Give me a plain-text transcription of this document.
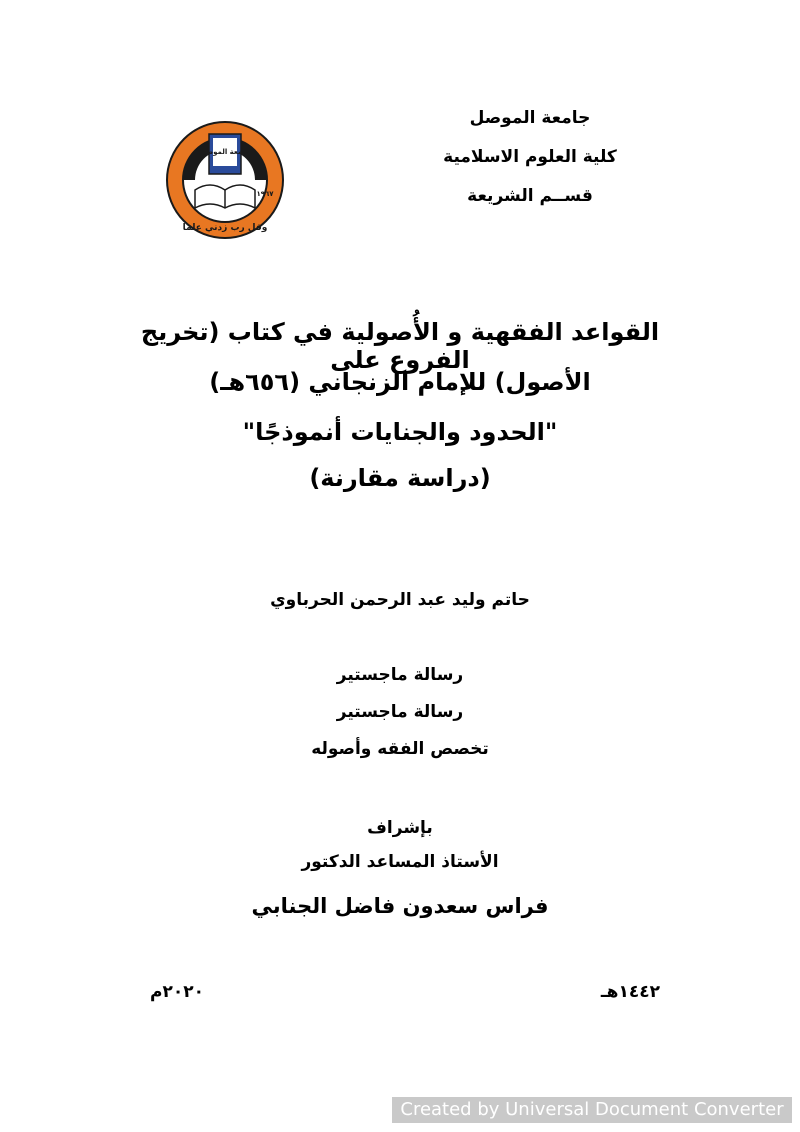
جامعة الموصل
كلية العلوم الاسلامية
قســم الشريعة
جامعة الموصل
وقل رب زدني علما
١٩٦٧
القواعد الفقهية و الأُصولية في كتاب (تخريج الفروع على
الأصول) للإمام الزنجاني (٦٥٦هـ)
"الحدود والجنايات أنموذجًا"
(دراسة مقارنة)
حاتم وليد عبد الرحمن الحرباوي
رسالة ماجستير
رسالة ماجستير
تخصص الفقه وأصوله
بإشراف
الأستاذ المساعد الدكتور
فراس سعدون فاضل الجنابي
١٤٤٢هـ
٢٠٢٠م
Created by Universal Document Converter
